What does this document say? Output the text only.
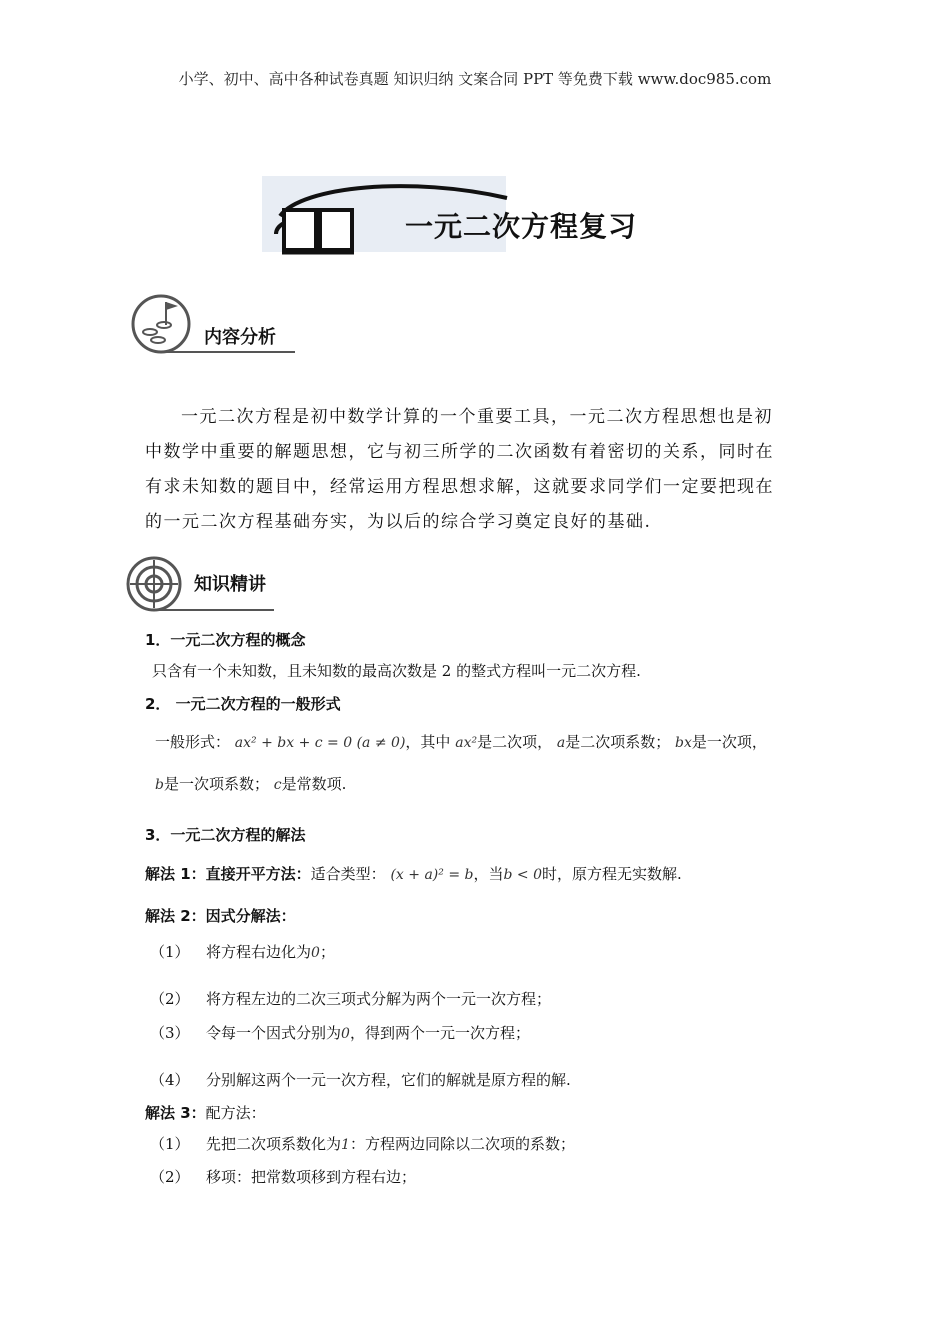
小学、初中、高中各种试卷真题 知识归纳 文案合同 PPT 等免费下载 www.doc985.com
一元二次方程复习
内容分析
一元二次方程是初中数学计算的一个重要工具，一元二次方程思想也是初
中数学中重要的解题思想，它与初三所学的二次函数有着密切的关系，同时在
有求未知数的题目中，经常运用方程思想求解，这就要求同学们一定要把现在
的一元二次方程基础夯实，为以后的综合学习奠定良好的基础.
知识精讲
1．一元二次方程的概念
只含有一个未知数，且未知数的最高次数是 2 的整式方程叫一元二次方程.
2． 一元二次方程的一般形式
一般形式： ax² + bx + c = 0 (a ≠ 0)，其中 ax²是二次项， a是二次项系数； bx是一次项，
b是一次项系数； c是常数项.
3．一元二次方程的解法
解法 1：直接开平方法：适合类型： (x + a)² = b，当b < 0时，原方程无实数解.
解法 2：因式分解法：
（1） 将方程右边化为0；
（2） 将方程左边的二次三项式分解为两个一元一次方程；
（3） 令每一个因式分别为0，得到两个一元一次方程；
（4） 分别解这两个一元一次方程，它们的解就是原方程的解.
解法 3：配方法：
（1） 先把二次项系数化为1：方程两边同除以二次项的系数；
（2） 移项：把常数项移到方程右边；
